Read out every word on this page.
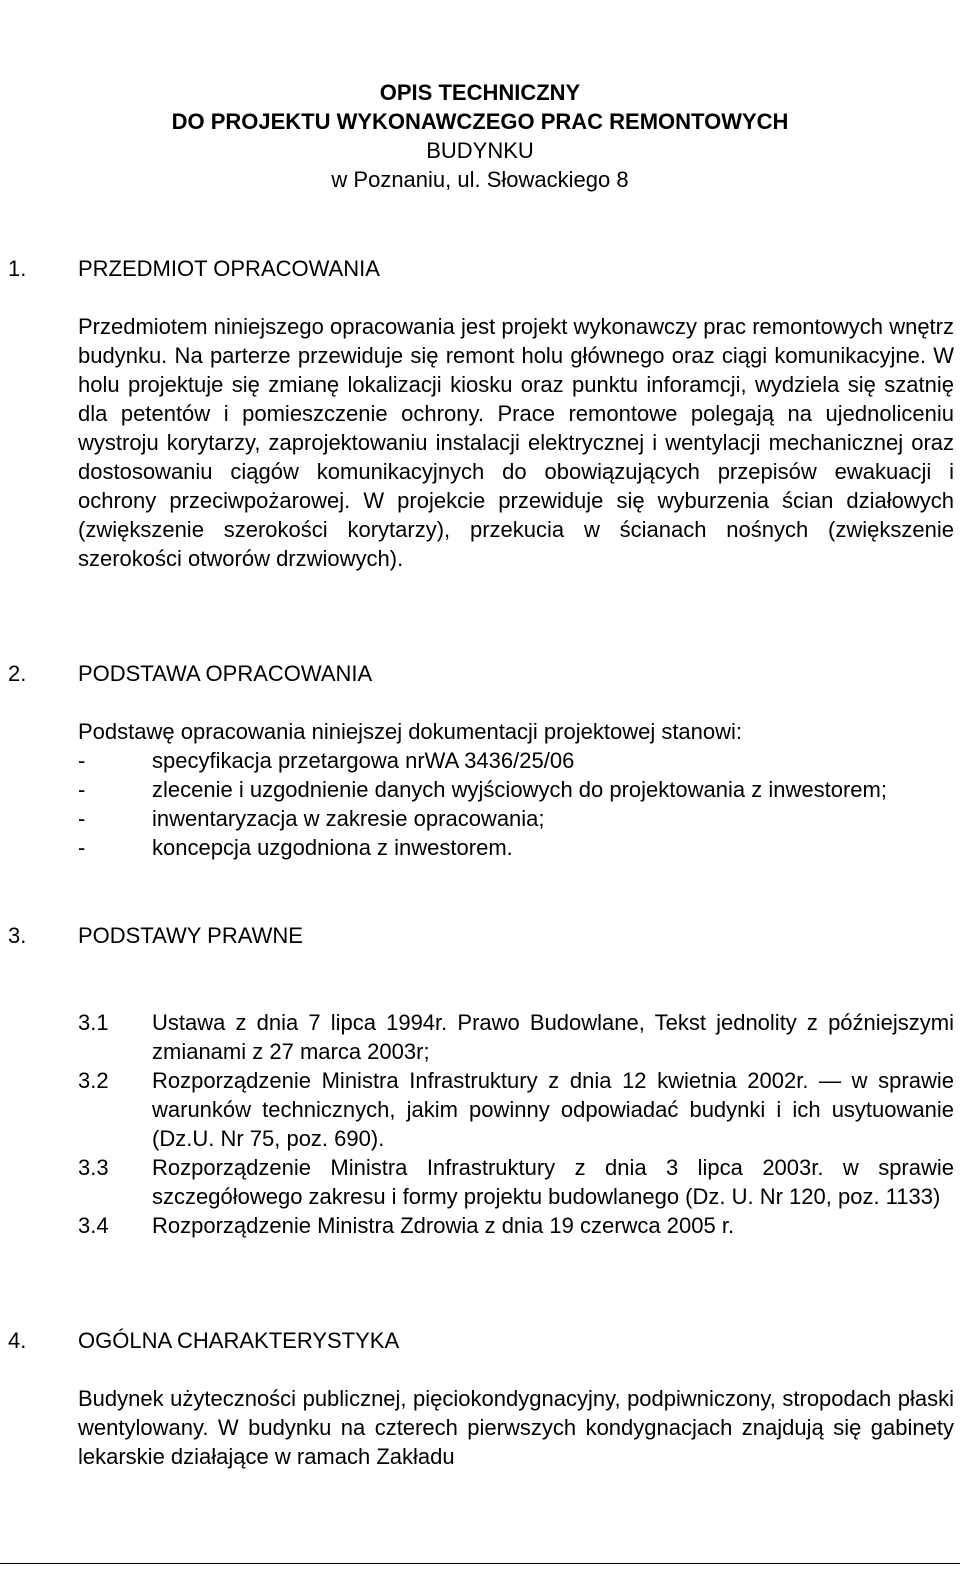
OPIS TECHNICZNY
DO PROJEKTU WYKONAWCZEGO PRAC REMONTOWYCH
BUDYNKU
w Poznaniu, ul. Słowackiego 8
1. PRZEDMIOT OPRACOWANIA

Przedmiotem niniejszego opracowania jest projekt wykonawczy prac remontowych wnętrz budynku. Na parterze przewiduje się remont holu głównego oraz ciągi komunikacyjne. W holu projektuje się zmianę lokalizacji kiosku oraz punktu inforamcji, wydziela się szatnię dla petentów i pomieszczenie ochrony. Prace remontowe polegają na ujednoliceniu wystroju korytarzy, zaprojektowaniu instalacji elektrycznej i wentylacji mechanicznej oraz dostosowaniu ciągów komunikacyjnych do obowiązujących przepisów ewakuacji i ochrony przeciwpożarowej. W projekcie przewiduje się wyburzenia ścian działowych (zwiększenie szerokości korytarzy), przekucia w ścianach nośnych (zwiększenie szerokości otworów drzwiowych).

2. PODSTAWA OPRACOWANIA

Podstawę opracowania niniejszej dokumentacji projektowej stanowi:

-	specyfikacja przetargowa nrWA 3436/25/06
-	zlecenie i uzgodnienie danych wyjściowych do projektowania z inwestorem;
-	inwentaryzacja w zakresie opracowania;
-	koncepcja uzgodniona z inwestorem.
3. PODSTAWY PRAWNE
3.1 Ustawa z dnia 7 lipca 1994r. Prawo Budowlane, Tekst jednolity z późniejszymi zmianami z 27 marca 2003r;
3.2 Rozporządzenie Ministra Infrastruktury z dnia 12 kwietnia 2002r. — w sprawie warunków technicznych, jakim powinny odpowiadać budynki i ich usytuowanie (Dz.U. Nr 75, poz. 690).
3.3 Rozporządzenie Ministra Infrastruktury z dnia 3 lipca 2003r. w sprawie szczegółowego zakresu i formy projektu budowlanego (Dz. U. Nr 120, poz. 1133)
3.4 Rozporządzenie Ministra Zdrowia z dnia 19 czerwca 2005 r.
4. OGÓLNA CHARAKTERYSTYKA

Budynek użyteczności publicznej, pięciokondygnacyjny, podpiwniczony, stropodach płaski wentylowany. W budynku na czterech pierwszych kondygnacjach znajdują się gabinety lekarskie działające w ramach Zakładu
